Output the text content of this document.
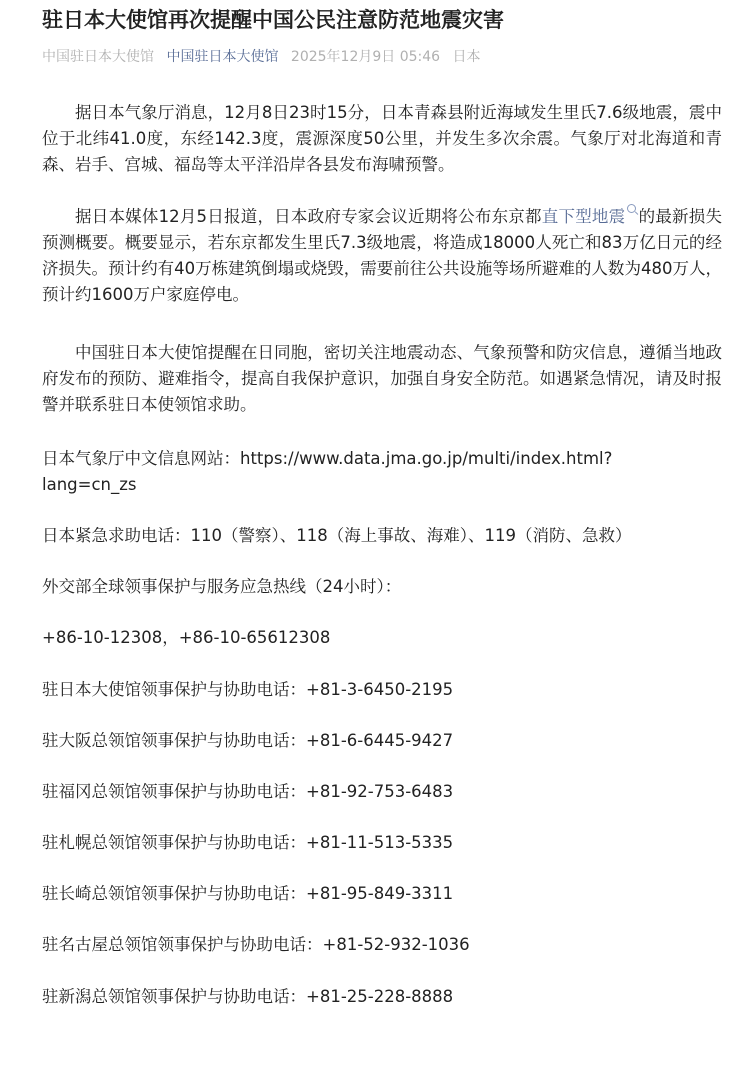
驻日本大使馆再次提醒中国公民注意防范地震灾害
中国驻日本大使馆 中国驻日本大使馆 2025年12月9日 05:46 日本

据日本气象厅消息，12月8日23时15分，日本青森县附近海域发生里氏7.6级地震，震中位于北纬41.0度，东经142.3度，震源深度50公里，并发生多次余震。气象厅对北海道和青森、岩手、宫城、福岛等太平洋沿岸各县发布海啸预警。

据日本媒体12月5日报道，日本政府专家会议近期将公布东京都直下型地震 的最新损失预测概要。概要显示，若东京都发生里氏7.3级地震，将造成18000人死亡和83万亿日元的经济损失。预计约有40万栋建筑倒塌或烧毁，需要前往公共设施等场所避难的人数为480万人，预计约1600万户家庭停电。

中国驻日本大使馆提醒在日同胞，密切关注地震动态、气象预警和防灾信息，遵循当地政府发布的预防、避难指令，提高自我保护意识，加强自身安全防范。如遇紧急情况，请及时报警并联系驻日本使领馆求助。

日本气象厅中文信息网站：https://www.data.jma.go.jp/multi/index.html?

lang=cn_zs

日本紧急求助电话：110（警察）、118（海上事故、海难）、119（消防、急救）

外交部全球领事保护与服务应急热线（24小时）：

+86-10-12308，+86-10-65612308

驻日本大使馆领事保护与协助电话：+81-3-6450-2195

驻大阪总领馆领事保护与协助电话：+81-6-6445-9427

驻福冈总领馆领事保护与协助电话：+81-92-753-6483

驻札幌总领馆领事保护与协助电话：+81-11-513-5335

驻长崎总领馆领事保护与协助电话：+81-95-849-3311

驻名古屋总领馆领事保护与协助电话：+81-52-932-1036

驻新潟总领馆领事保护与协助电话：+81-25-228-8888
